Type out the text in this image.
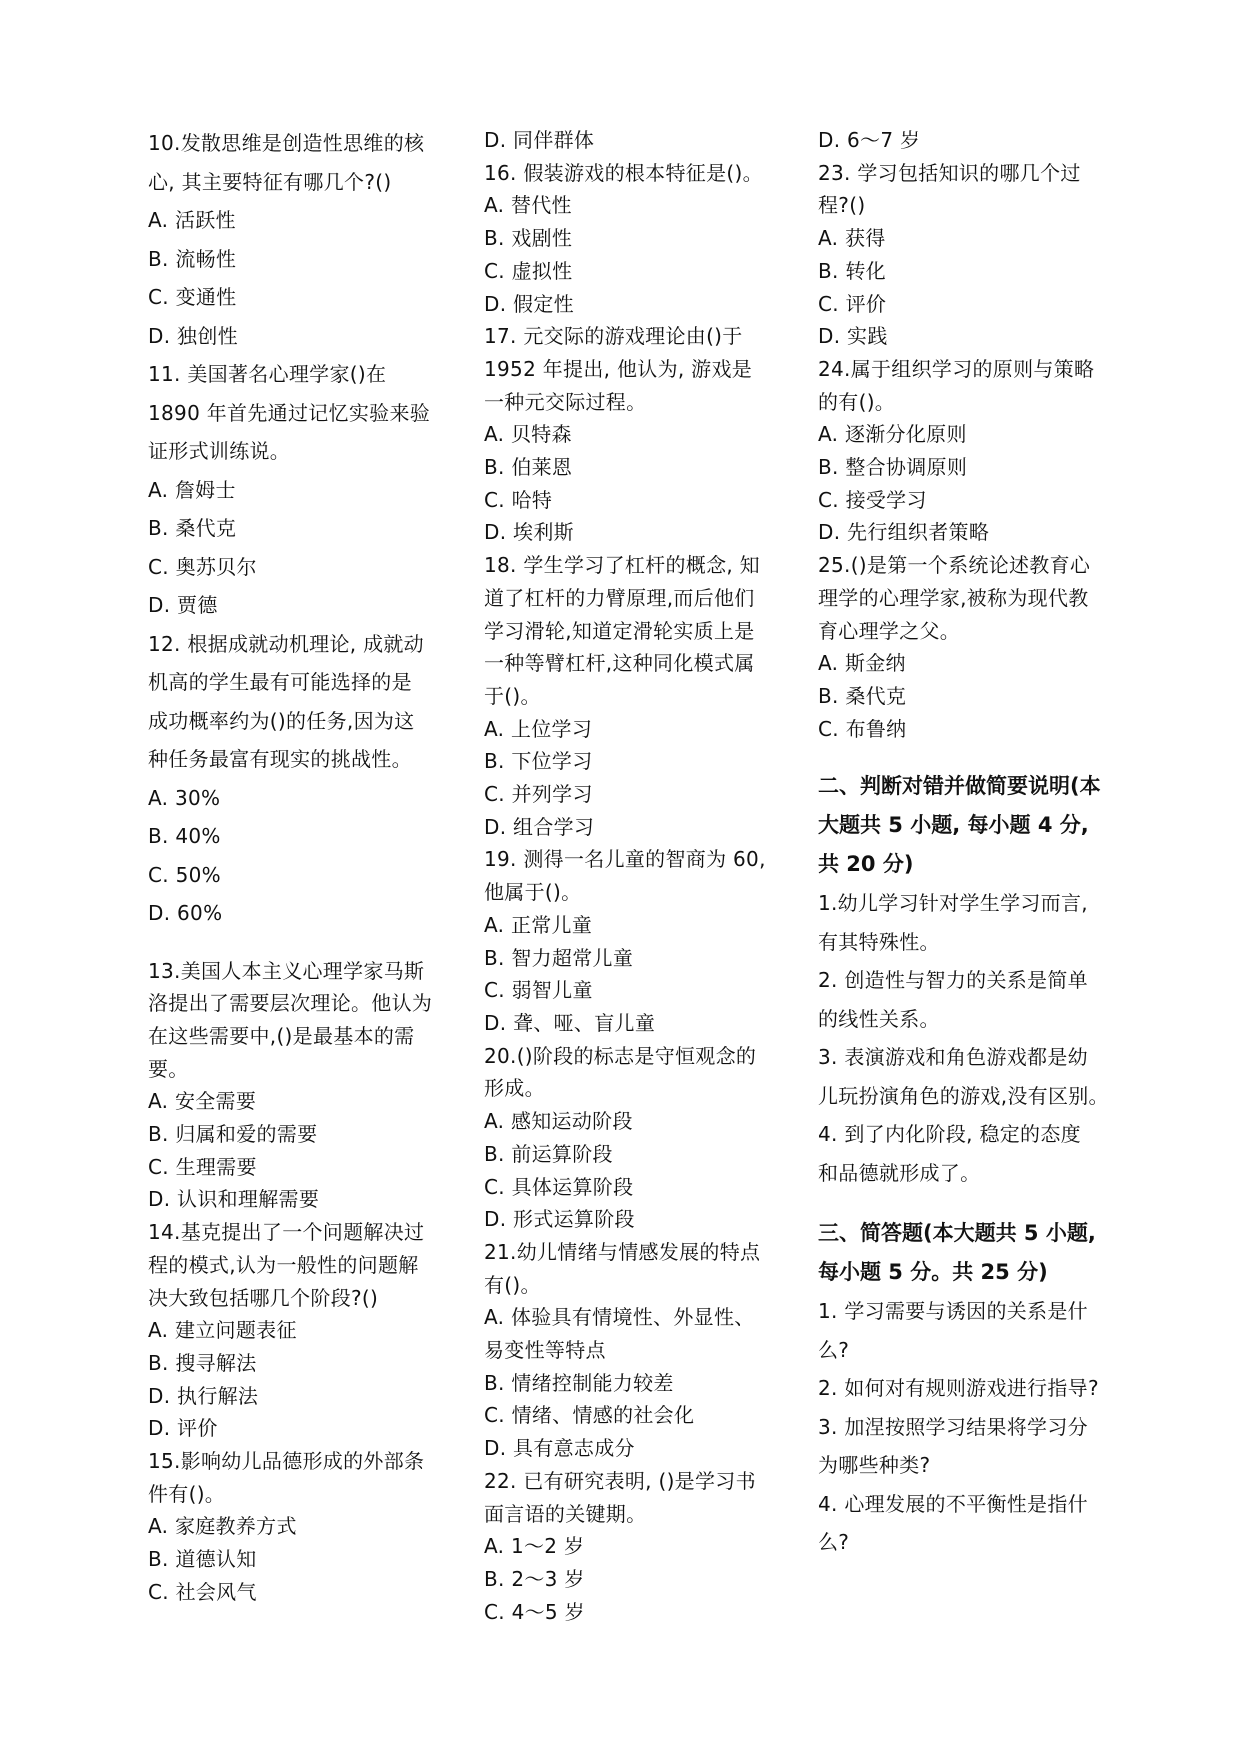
10.发散思维是创造性思维的核
心, 其主要特征有哪几个?()
A. 活跃性
B. 流畅性
C. 变通性
D. 独创性
11. 美国著名心理学家()在
1890 年首先通过记忆实验来验
证形式训练说。
A. 詹姆士
B. 桑代克
C. 奥苏贝尔
D. 贾德
12. 根据成就动机理论, 成就动
机高的学生最有可能选择的是
成功概率约为()的任务,因为这
种任务最富有现实的挑战性。
A. 30%
B. 40%
C. 50%
D. 60%
13.美国人本主义心理学家马斯
洛提出了需要层次理论。他认为
在这些需要中,()是最基本的需
要。
A. 安全需要
B. 归属和爱的需要
C. 生理需要
D. 认识和理解需要
14.基克提出了一个问题解决过
程的模式,认为一般性的问题解
决大致包括哪几个阶段?()
A. 建立问题表征
B. 搜寻解法
D. 执行解法
D. 评价
15.影响幼儿品德形成的外部条
件有()。
A. 家庭教养方式
B. 道德认知
C. 社会风气
D. 同伴群体
16. 假装游戏的根本特征是()。
A. 替代性
B. 戏剧性
C. 虚拟性
D. 假定性
17. 元交际的游戏理论由()于
1952 年提出, 他认为, 游戏是
一种元交际过程。
A. 贝特森
B. 伯莱恩
C. 哈特
D. 埃利斯
18. 学生学习了杠杆的概念, 知
道了杠杆的力臂原理,而后他们
学习滑轮,知道定滑轮实质上是
一种等臂杠杆,这种同化模式属
于()。
A. 上位学习
B. 下位学习
C. 并列学习
D. 组合学习
19. 测得一名儿童的智商为 60,
他属于()。
A. 正常儿童
B. 智力超常儿童
C. 弱智儿童
D. 聋、哑、盲儿童
20.()阶段的标志是守恒观念的
形成。
A. 感知运动阶段
B. 前运算阶段
C. 具体运算阶段
D. 形式运算阶段
21.幼儿情绪与情感发展的特点
有()。
A. 体验具有情境性、外显性、
易变性等特点
B. 情绪控制能力较差
C. 情绪、情感的社会化
D. 具有意志成分
22. 已有研究表明, ()是学习书
面言语的关键期。
A. 1～2 岁
B. 2～3 岁
C. 4～5 岁
D. 6～7 岁
23. 学习包括知识的哪几个过
程?()
A. 获得
B. 转化
C. 评价
D. 实践
24.属于组织学习的原则与策略
的有()。
A. 逐渐分化原则
B. 整合协调原则
C. 接受学习
D. 先行组织者策略
25.()是第一个系统论述教育心
理学的心理学家,被称为现代教
育心理学之父。
A. 斯金纳
B. 桑代克
C. 布鲁纳
二、判断对错并做简要说明(本
大题共 5 小题, 每小题 4 分,
共 20 分)
1.幼儿学习针对学生学习而言,
有其特殊性。
2. 创造性与智力的关系是简单
的线性关系。
3. 表演游戏和角色游戏都是幼
儿玩扮演角色的游戏,没有区别。
4. 到了内化阶段, 稳定的态度
和品德就形成了。
三、简答题(本大题共 5 小题,
每小题 5 分。共 25 分)
1. 学习需要与诱因的关系是什
么?
2. 如何对有规则游戏进行指导?
3. 加涅按照学习结果将学习分
为哪些种类?
4. 心理发展的不平衡性是指什
么?
